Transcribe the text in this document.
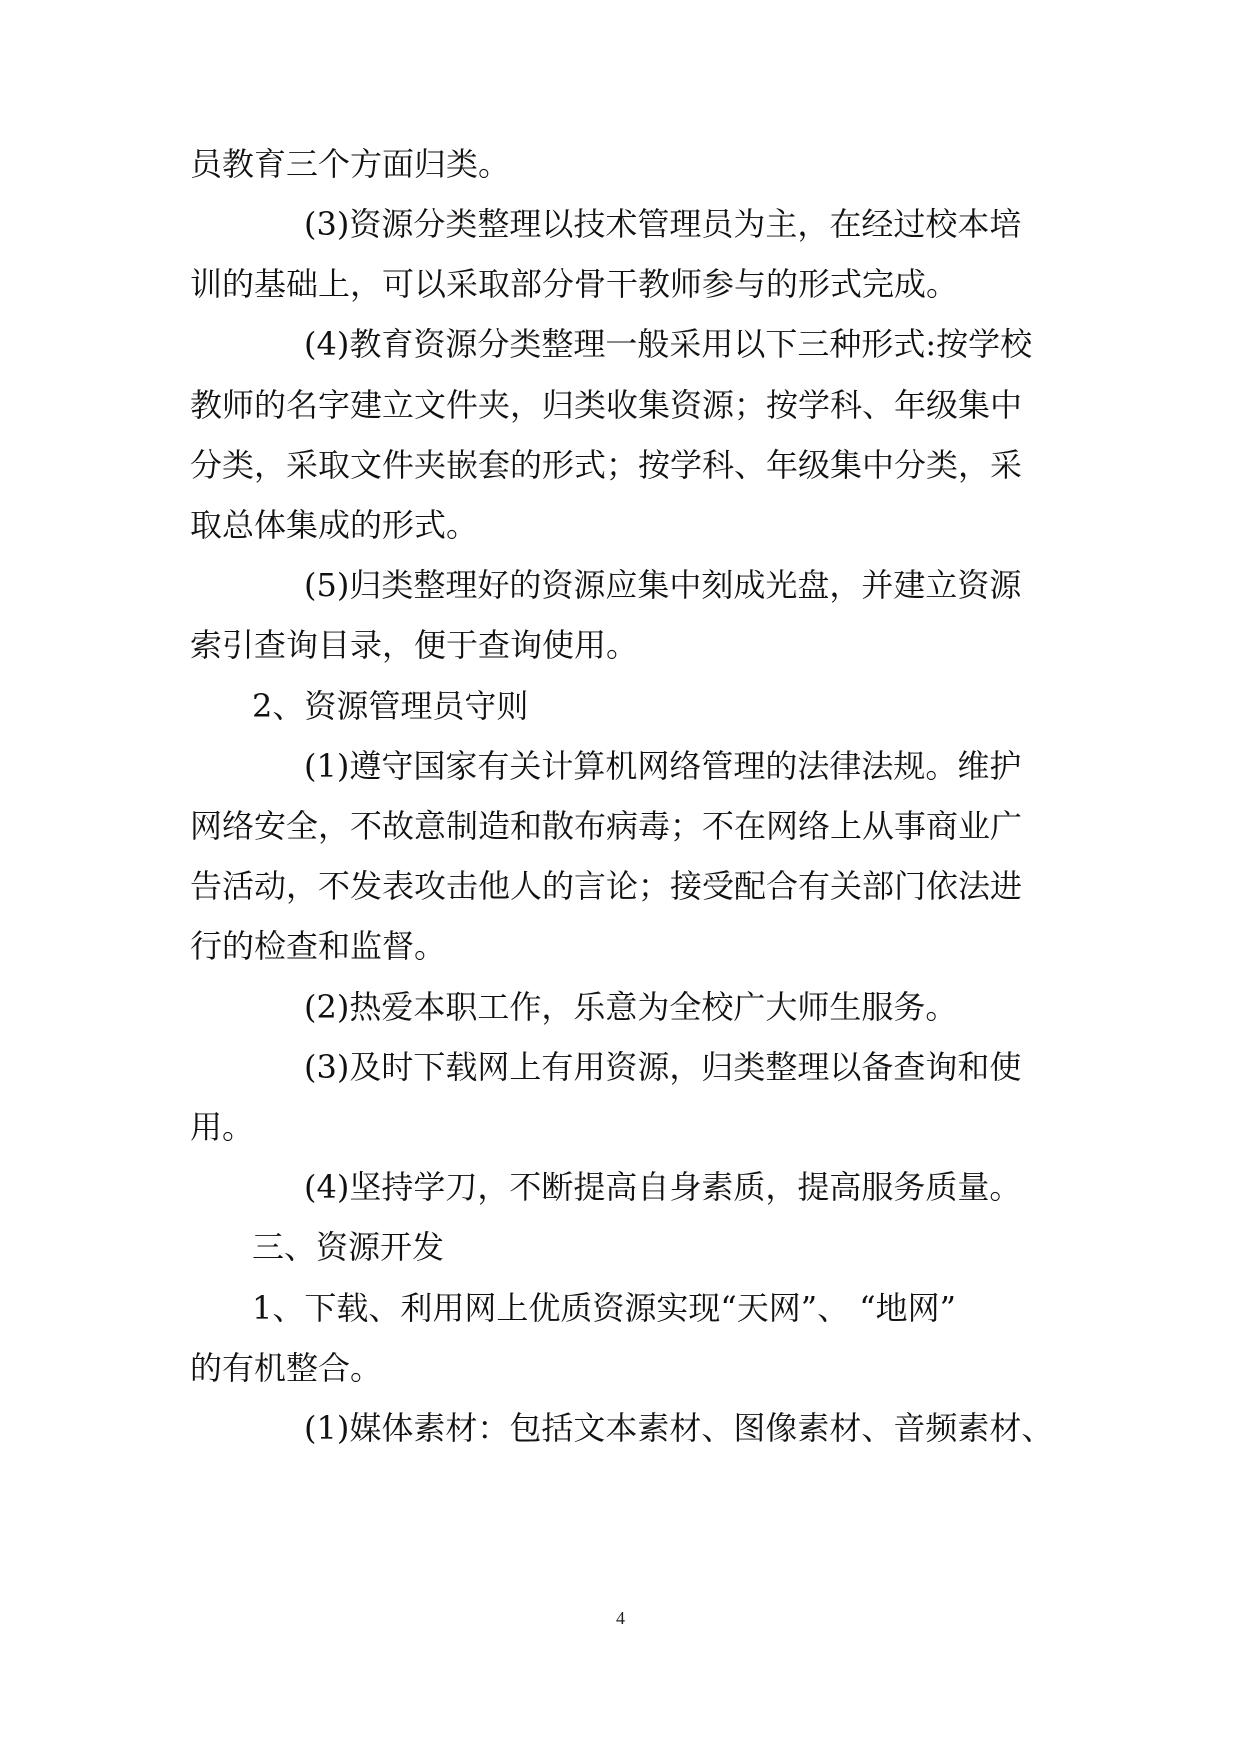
员教育三个方面归类。
(3)资源分类整理以技术管理员为主，在经过校本培
训的基础上，可以采取部分骨干教师参与的形式完成。
(4)教育资源分类整理一般采用以下三种形式:按学校
教师的名字建立文件夹，归类收集资源；按学科、年级集中
分类，采取文件夹嵌套的形式；按学科、年级集中分类，采
取总体集成的形式。
(5)归类整理好的资源应集中刻成光盘，并建立资源
索引查询目录，便于查询使用。
2、资源管理员守则
(1)遵守国家有关计算机网络管理的法律法规。维护
网络安全，不故意制造和散布病毒；不在网络上从事商业广
告活动，不发表攻击他人的言论；接受配合有关部门依法进
行的检查和监督。
(2)热爱本职工作，乐意为全校广大师生服务。
(3)及时下载网上有用资源，归类整理以备查询和使
用。
(4)坚持学刀，不断提高自身素质，提高服务质量。
三、资源开发
1、下载、利用网上优质资源实现“天网”、 “地网”
的有机整合。
(1)媒体素材：包括文本素材、图像素材、音频素材、
4
